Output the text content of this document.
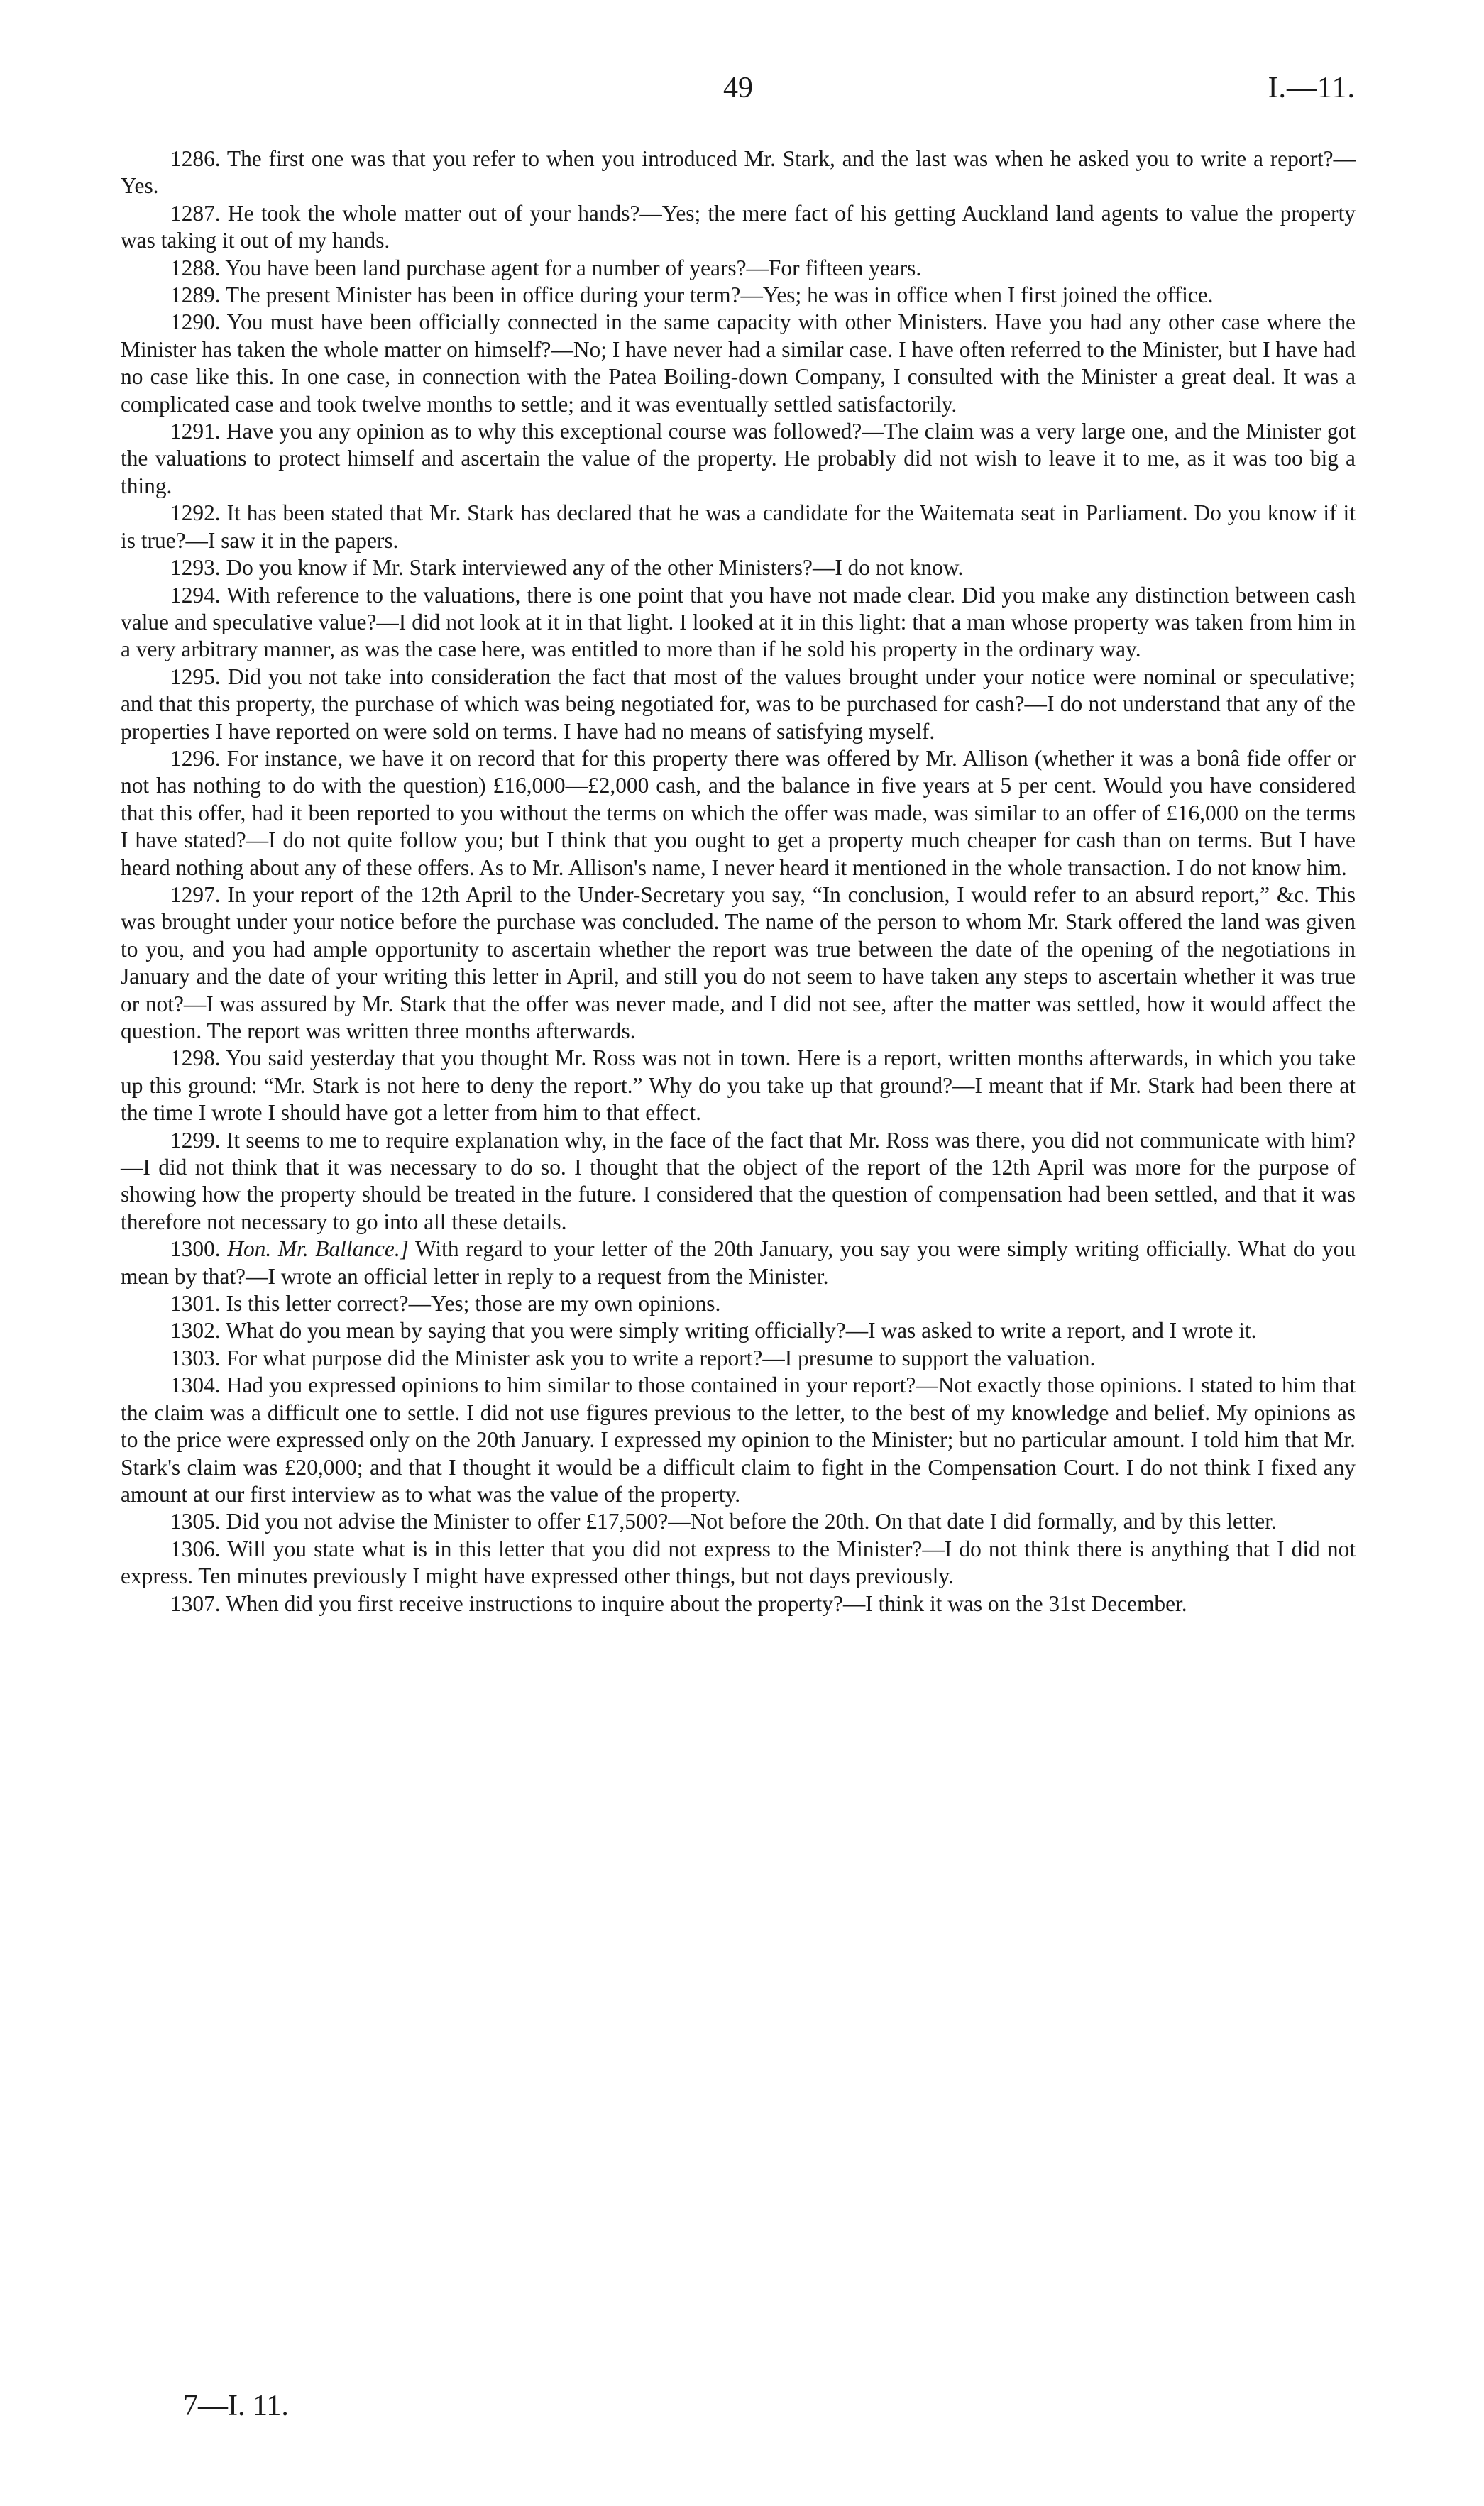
49	I.—11.

1286. The first one was that you refer to when you introduced Mr. Stark, and the last was when he asked you to write a report?—Yes.

1287. He took the whole matter out of your hands?—Yes; the mere fact of his getting Auckland land agents to value the property was taking it out of my hands.

1288. You have been land purchase agent for a number of years?—For fifteen years.

1289. The present Minister has been in office during your term?—Yes; he was in office when I first joined the office.

1290. You must have been officially connected in the same capacity with other Ministers. Have you had any other case where the Minister has taken the whole matter on himself?—No; I have never had a similar case. I have often referred to the Minister, but I have had no case like this. In one case, in connection with the Patea Boiling-down Company, I consulted with the Minister a great deal. It was a complicated case and took twelve months to settle; and it was eventually settled satisfactorily.

1291. Have you any opinion as to why this exceptional course was followed?—The claim was a very large one, and the Minister got the valuations to protect himself and ascertain the value of the property. He probably did not wish to leave it to me, as it was too big a thing.

1292. It has been stated that Mr. Stark has declared that he was a candidate for the Waitemata seat in Parliament. Do you know if it is true?—I saw it in the papers.

1293. Do you know if Mr. Stark interviewed any of the other Ministers?—I do not know.

1294. With reference to the valuations, there is one point that you have not made clear. Did you make any distinction between cash value and speculative value?—I did not look at it in that light. I looked at it in this light: that a man whose property was taken from him in a very arbitrary manner, as was the case here, was entitled to more than if he sold his property in the ordinary way.

1295. Did you not take into consideration the fact that most of the values brought under your notice were nominal or speculative; and that this property, the purchase of which was being negotiated for, was to be purchased for cash?—I do not understand that any of the properties I have reported on were sold on terms. I have had no means of satisfying myself.

1296. For instance, we have it on record that for this property there was offered by Mr. Allison (whether it was a bonâ fide offer or not has nothing to do with the question) £16,000—£2,000 cash, and the balance in five years at 5 per cent. Would you have considered that this offer, had it been reported to you without the terms on which the offer was made, was similar to an offer of £16,000 on the terms I have stated?—I do not quite follow you; but I think that you ought to get a property much cheaper for cash than on terms. But I have heard nothing about any of these offers. As to Mr. Allison's name, I never heard it mentioned in the whole transaction. I do not know him.

1297. In your report of the 12th April to the Under-Secretary you say, “In conclusion, I would refer to an absurd report,” &c. This was brought under your notice before the purchase was concluded. The name of the person to whom Mr. Stark offered the land was given to you, and you had ample opportunity to ascertain whether the report was true between the date of the opening of the negotiations in January and the date of your writing this letter in April, and still you do not seem to have taken any steps to ascertain whether it was true or not?—I was assured by Mr. Stark that the offer was never made, and I did not see, after the matter was settled, how it would affect the question. The report was written three months afterwards.

1298. You said yesterday that you thought Mr. Ross was not in town. Here is a report, written months afterwards, in which you take up this ground: “Mr. Stark is not here to deny the report.” Why do you take up that ground?—I meant that if Mr. Stark had been there at the time I wrote I should have got a letter from him to that effect.

1299. It seems to me to require explanation why, in the face of the fact that Mr. Ross was there, you did not communicate with him?—I did not think that it was necessary to do so. I thought that the object of the report of the 12th April was more for the purpose of showing how the property should be treated in the future. I considered that the question of compensation had been settled, and that it was therefore not necessary to go into all these details.

1300. Hon. Mr. Ballance.] With regard to your letter of the 20th January, you say you were simply writing officially. What do you mean by that?—I wrote an official letter in reply to a request from the Minister.

1301. Is this letter correct?—Yes; those are my own opinions.

1302. What do you mean by saying that you were simply writing officially?—I was asked to write a report, and I wrote it.

1303. For what purpose did the Minister ask you to write a report?—I presume to support the valuation.

1304. Had you expressed opinions to him similar to those contained in your report?—Not exactly those opinions. I stated to him that the claim was a difficult one to settle. I did not use figures previous to the letter, to the best of my knowledge and belief. My opinions as to the price were expressed only on the 20th January. I expressed my opinion to the Minister; but no particular amount. I told him that Mr. Stark's claim was £20,000; and that I thought it would be a difficult claim to fight in the Compensation Court. I do not think I fixed any amount at our first interview as to what was the value of the property.

1305. Did you not advise the Minister to offer £17,500?—Not before the 20th. On that date I did formally, and by this letter.

1306. Will you state what is in this letter that you did not express to the Minister?—I do not think there is anything that I did not express. Ten minutes previously I might have expressed other things, but not days previously.

1307. When did you first receive instructions to inquire about the property?—I think it was on the 31st December.

7—I. 11.
